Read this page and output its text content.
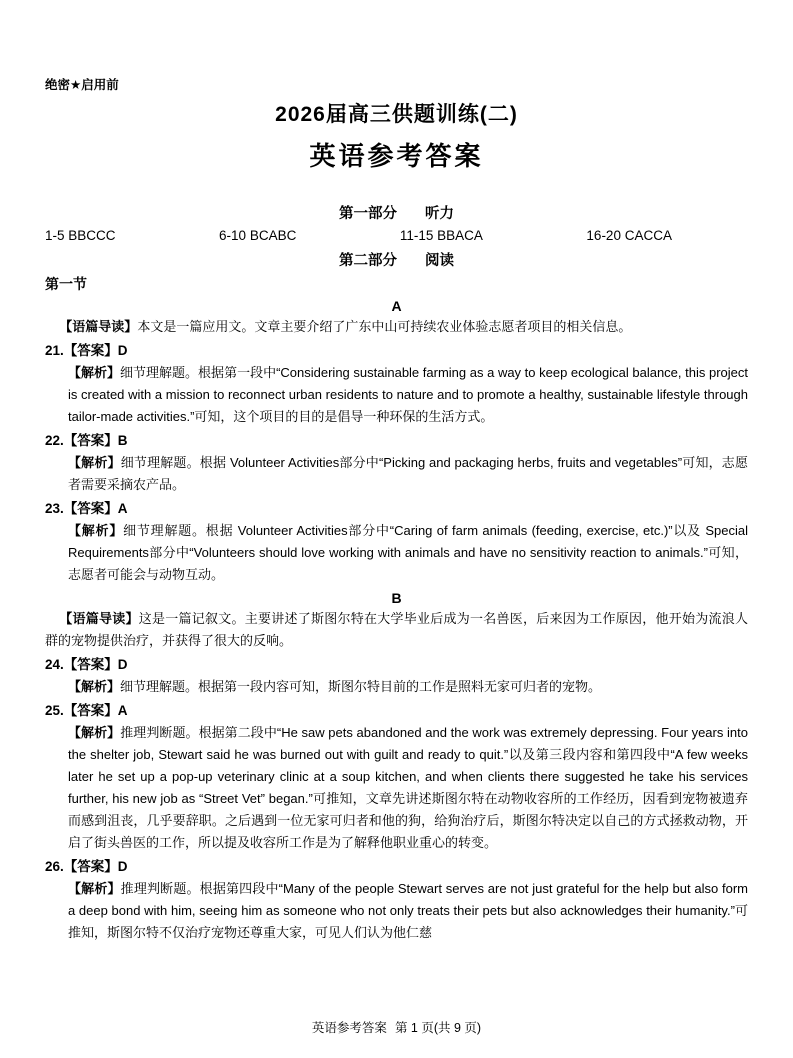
绝密★启用前
2026届高三供题训练(二)
英语参考答案
第一部分 听力
1-5 BBCCC	6-10 BCABC	11-15 BBACA	16-20 CACCA
第二部分 阅读
第一节
A

【语篇导读】本文是一篇应用文。文章主要介绍了广东中山可持续农业体验志愿者项目的相关信息。

21.【答案】D

【解析】细节理解题。根据第一段中“Considering sustainable farming as a way to keep ecological balance, this project is created with a mission to reconnect urban residents to nature and to promote a healthy, sustainable lifestyle through tailor-made activities.”可知，这个项目的目的是倡导一种环保的生活方式。

22.【答案】B

【解析】细节理解题。根据 Volunteer Activities部分中“Picking and packaging herbs, fruits and vegetables”可知，志愿者需要采摘农产品。

23.【答案】A

【解析】细节理解题。根据 Volunteer Activities部分中“Caring of farm animals (feeding, exercise, etc.)”以及 Special Requirements部分中“Volunteers should love working with animals and have no sensitivity reaction to animals.”可知，志愿者可能会与动物互动。

B

【语篇导读】这是一篇记叙文。主要讲述了斯图尔特在大学毕业后成为一名兽医，后来因为工作原因，他开始为流浪人群的宠物提供治疗，并获得了很大的反响。

24.【答案】D

【解析】细节理解题。根据第一段内容可知，斯图尔特目前的工作是照料无家可归者的宠物。

25.【答案】A

【解析】推理判断题。根据第二段中“He saw pets abandoned and the work was extremely depressing. Four years into the shelter job, Stewart said he was burned out with guilt and ready to quit.”以及第三段内容和第四段中“A few weeks later he set up a pop-up veterinary clinic at a soup kitchen, and when clients there suggested he take his services further, his new job as “Street Vet” began.”可推知，文章先讲述斯图尔特在动物收容所的工作经历，因看到宠物被遗弃而感到沮丧，几乎要辞职。之后遇到一位无家可归者和他的狗，给狗治疗后，斯图尔特决定以自己的方式拯救动物，开启了街头兽医的工作，所以提及收容所工作是为了解释他职业重心的转变。

26.【答案】D

【解析】推理判断题。根据第四段中“Many of the people Stewart serves are not just grateful for the help but also form a deep bond with him, seeing him as someone who not only treats their pets but also acknowledges their humanity.”可推知，斯图尔特不仅治疗宠物还尊重大家，可见人们认为他仁慈

英语参考答案 第 1 页(共 9 页)
